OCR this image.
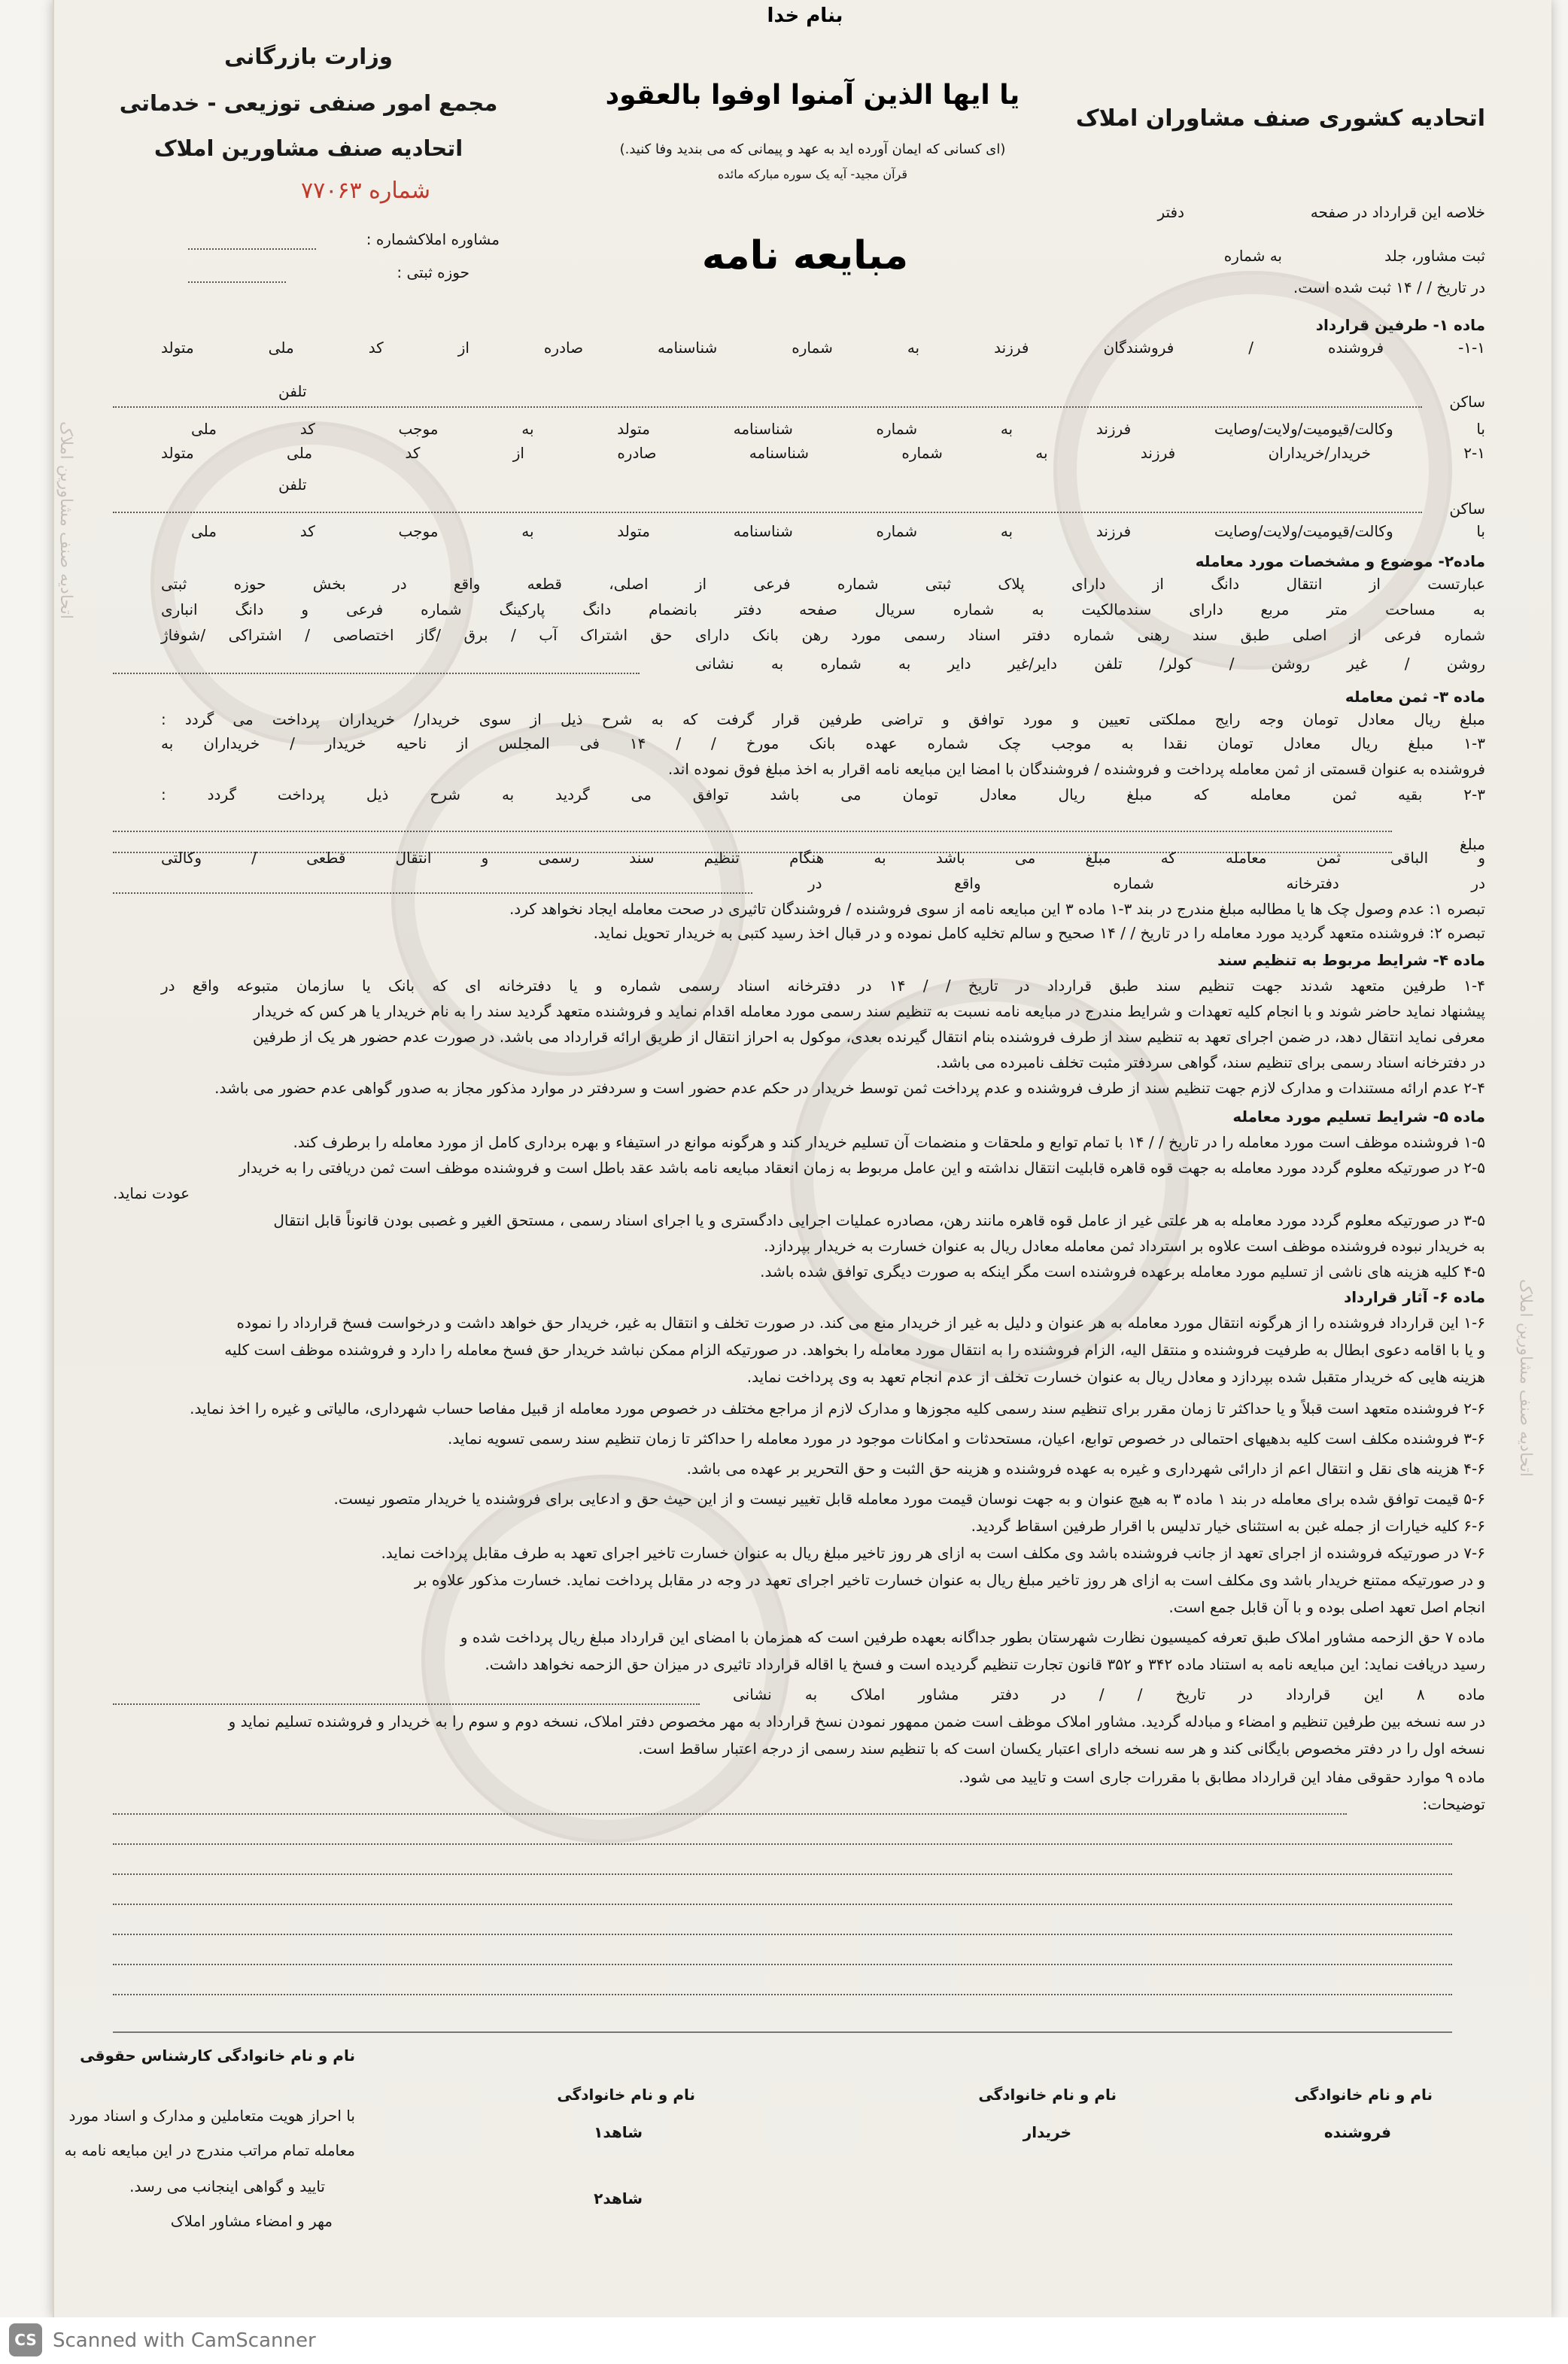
اتحادیه صنف مشاورین املاک
اتحادیه صنف مشاورین املاک
وزارت بازرگانی
مجمع امور صنفی توزیعی - خدماتی
اتحادیه صنف مشاورین املاک
شماره ۷۷۰۶۳
مشاوره املاکشماره :
حوزه ثبتی :
بنام خدا
یا ایها الذین آمنوا اوفوا بالعقود
(ای کسانی که ایمان آورده اید به عهد و پیمانی که می بندید وفا کنید.)
قرآن مجید- آیه یک سوره مبارکه مائده
مبایعه نامه
اتحادیه کشوری صنف مشاوران املاک
خلاصه این قرارداد در صفحه
دفتر
ثبت مشاور، جلد
به شماره
در تاریخ / / ۱۴ ثبت شده است.
ماده ۱- طرفین قرارداد
۱-۱- فروشنده / فروشندگان فرزند به شماره شناسنامه صادره از کد ملی متولد
ساکن
تلفن
با وکالت/قیومیت/ولایت/وصایت فرزند به شماره شناسنامه متولد به موجب کد ملی
۲-۱ خریدار/خریداران فرزند به شماره شناسنامه صادره از کد ملی متولد
ساکن
تلفن
با وکالت/قیومیت/ولایت/وصایت فرزند به شماره شناسنامه متولد به موجب کد ملی
ماده۲- موضوع و مشخصات مورد معامله
عبارتست از انتقال دانگ از دارای پلاک ثبتی شماره فرعی از اصلی، قطعه واقع در بخش حوزه ثبتی
به مساحت متر مربع دارای سندمالکیت به شماره سریال صفحه دفتر بانضمام دانگ پارکینگ شماره فرعی و دانگ انباری
شماره فرعی از اصلی طبق سند رهنی شماره دفتر اسناد رسمی مورد رهن بانک دارای حق اشتراک آب / برق /گاز اختصاصی / اشتراکی /شوفاژ
روشن / غیر روشن / کولر/ تلفن دایر/غیر دایر به شماره به نشانی
ماده ۳- ثمن معامله
مبلغ ریال معادل تومان وجه رایج مملکتی تعیین و مورد توافق و تراضی طرفین قرار گرفت که به شرح ذیل از سوی خریدار/ خریداران پرداخت می گردد :
۱-۳ مبلغ ریال معادل تومان نقدا به موجب چک شماره عهده بانک مورخ / / ۱۴ فی المجلس از ناحیه خریدار / خریداران به
فروشنده به عنوان قسمتی از ثمن معامله پرداخت و فروشنده / فروشندگان با امضا این مبایعه نامه اقرار به اخذ مبلغ فوق نموده اند.
۲-۳ بقیه ثمن معامله که مبلغ ریال معادل تومان می باشد توافق می گردید به شرح ذیل پرداخت گردد :
مبلغ
و الباقی ثمن معامله که مبلغ می باشد به هنگام تنظیم سند رسمی و انتقال قطعی / وکالتی
در دفترخانه شماره واقع در
تبصره ۱: عدم وصول چک ها یا مطالبه مبلغ مندرج در بند ۳-۱ ماده ۳ این مبایعه نامه از سوی فروشنده / فروشندگان تاثیری در صحت معامله ایجاد نخواهد کرد.
تبصره ۲: فروشنده متعهد گردید مورد معامله را در تاریخ / / ۱۴ صحیح و سالم تخلیه کامل نموده و در قبال اخذ رسید کتبی به خریدار تحویل نماید.
ماده ۴- شرایط مربوط به تنظیم سند
۱-۴ طرفین متعهد شدند جهت تنظیم سند طبق قرارداد در تاریخ / / ۱۴ در دفترخانه اسناد رسمی شماره و یا دفترخانه ای که بانک یا سازمان متبوعه واقع در
پیشنهاد نماید حاضر شوند و با انجام کلیه تعهدات و شرایط مندرج در مبایعه نامه نسبت به تنظیم سند رسمی مورد معامله اقدام نماید و فروشنده متعهد گردید سند را به نام خریدار یا هر کس که خریدار
معرفی نماید انتقال دهد، در ضمن اجرای تعهد به تنظیم سند از طرف فروشنده بنام انتقال گیرنده بعدی، موکول به احراز انتقال از طریق ارائه قرارداد می باشد. در صورت عدم حضور هر یک از طرفین
در دفترخانه اسناد رسمی برای تنظیم سند، گواهی سردفتر مثبت تخلف نامبرده می باشد.
۲-۴ عدم ارائه مستندات و مدارک لازم جهت تنظیم سند از طرف فروشنده و عدم پرداخت ثمن توسط خریدار در حکم عدم حضور است و سردفتر در موارد مذکور مجاز به صدور گواهی عدم حضور می باشد.
ماده ۵- شرایط تسلیم مورد معامله
۱-۵ فروشنده موظف است مورد معامله را در تاریخ / / ۱۴ با تمام توابع و ملحقات و منضمات آن تسلیم خریدار کند و هرگونه موانع در استیفاء و بهره برداری کامل از مورد معامله را برطرف کند.
۲-۵ در صورتیکه معلوم گردد مورد معامله به جهت قوه قاهره قابلیت انتقال نداشته و این عامل مربوط به زمان انعقاد مبایعه نامه باشد عقد باطل است و فروشنده موظف است ثمن دریافتی را به خریدار
عودت نماید.
۳-۵ در صورتیکه معلوم گردد مورد معامله به هر علتی غیر از عامل قوه قاهره مانند رهن، مصادره عملیات اجرایی دادگستری و یا اجرای اسناد رسمی ، مستحق الغیر و غصبی بودن قانوناً قابل انتقال
به خریدار نبوده فروشنده موظف است علاوه بر استرداد ثمن معامله معادل ریال به عنوان خسارت به خریدار بپردازد.
۴-۵ کلیه هزینه های ناشی از تسلیم مورد معامله برعهده فروشنده است مگر اینکه به صورت دیگری توافق شده باشد.
ماده ۶- آثار قرارداد
۱-۶ این قرارداد فروشنده را از هرگونه انتقال مورد معامله به هر عنوان و دلیل به غیر از خریدار منع می کند. در صورت تخلف و انتقال به غیر، خریدار حق خواهد داشت و درخواست فسخ قرارداد را نموده
و یا با اقامه دعوی ابطال به طرفیت فروشنده و منتقل الیه، الزام فروشنده را به انتقال مورد معامله را بخواهد. در صورتیکه الزام ممکن نباشد خریدار حق فسخ معامله را دارد و فروشنده موظف است کلیه
هزینه هایی که خریدار متقبل شده بپردازد و معادل ریال به عنوان خسارت تخلف از عدم انجام تعهد به وی پرداخت نماید.
۲-۶ فروشنده متعهد است قبلاً و یا حداکثر تا زمان مقرر برای تنظیم سند رسمی کلیه مجوزها و مدارک لازم از مراجع مختلف در خصوص مورد معامله از قبیل مفاصا حساب شهرداری، مالیاتی و غیره را اخذ نماید.
۳-۶ فروشنده مکلف است کلیه بدهیهای احتمالی در خصوص توابع، اعیان، مستحدثات و امکانات موجود در مورد معامله را حداکثر تا زمان تنظیم سند رسمی تسویه نماید.
۴-۶ هزینه های نقل و انتقال اعم از دارائی شهرداری و غیره به عهده فروشنده و هزینه حق الثبت و حق التحریر بر عهده می باشد.
۵-۶ قیمت توافق شده برای معامله در بند ۱ ماده ۳ به هیچ عنوان و به جهت نوسان قیمت مورد معامله قابل تغییر نیست و از این حیث حق و ادعایی برای فروشنده یا خریدار متصور نیست.
۶-۶ کلیه خیارات از جمله غبن به استثنای خیار تدلیس با اقرار طرفین اسقاط گردید.
۷-۶ در صورتیکه فروشنده از اجرای تعهد از جانب فروشنده باشد وی مکلف است به ازای هر روز تاخیر مبلغ ریال به عنوان خسارت تاخیر اجرای تعهد به طرف مقابل پرداخت نماید.
و در صورتیکه ممتنع خریدار باشد وی مکلف است به ازای هر روز تاخیر مبلغ ریال به عنوان خسارت تاخیر اجرای تعهد در وجه در مقابل پرداخت نماید. خسارت مذکور علاوه بر
انجام اصل تعهد اصلی بوده و با آن قابل جمع است.
ماده ۷ حق الزحمه مشاور املاک طبق تعرفه کمیسیون نظارت شهرستان بطور جداگانه بعهده طرفین است که همزمان با امضای این قرارداد مبلغ ریال پرداخت شده و
رسید دریافت نماید: این مبایعه نامه به استناد ماده ۳۴۲ و ۳۵۲ قانون تجارت تنظیم گردیده است و فسخ یا اقاله قرارداد تاثیری در میزان حق الزحمه نخواهد داشت.
ماده ۸ این قرارداد در تاریخ / / در دفتر مشاور املاک به نشانی
در سه نسخه بین طرفین تنظیم و امضاء و مبادله گردید. مشاور املاک موظف است ضمن ممهور نمودن نسخ قرارداد به مهر مخصوص دفتر املاک، نسخه دوم و سوم را به خریدار و فروشنده تسلیم نماید و
نسخه اول را در دفتر مخصوص بایگانی کند و هر سه نسخه دارای اعتبار یکسان است که با تنظیم سند رسمی از درجه اعتبار ساقط است.
ماده ۹ موارد حقوقی مفاد این قرارداد مطابق با مقررات جاری است و تایید می شود.
توضیحات:
نام و نام خانوادگی کارشناس حقوقی
با احراز هویت متعاملین و مدارک و اسناد مورد
معامله تمام مراتب مندرج در این مبایعه نامه به
تایید و گواهی اینجانب می رسد.
مهر و امضاء مشاور املاک
نام و نام خانوادگی
شاهد۱
شاهد۲
نام و نام خانوادگی
خریدار
نام و نام خانوادگی
فروشنده
CS Scanned with CamScanner
